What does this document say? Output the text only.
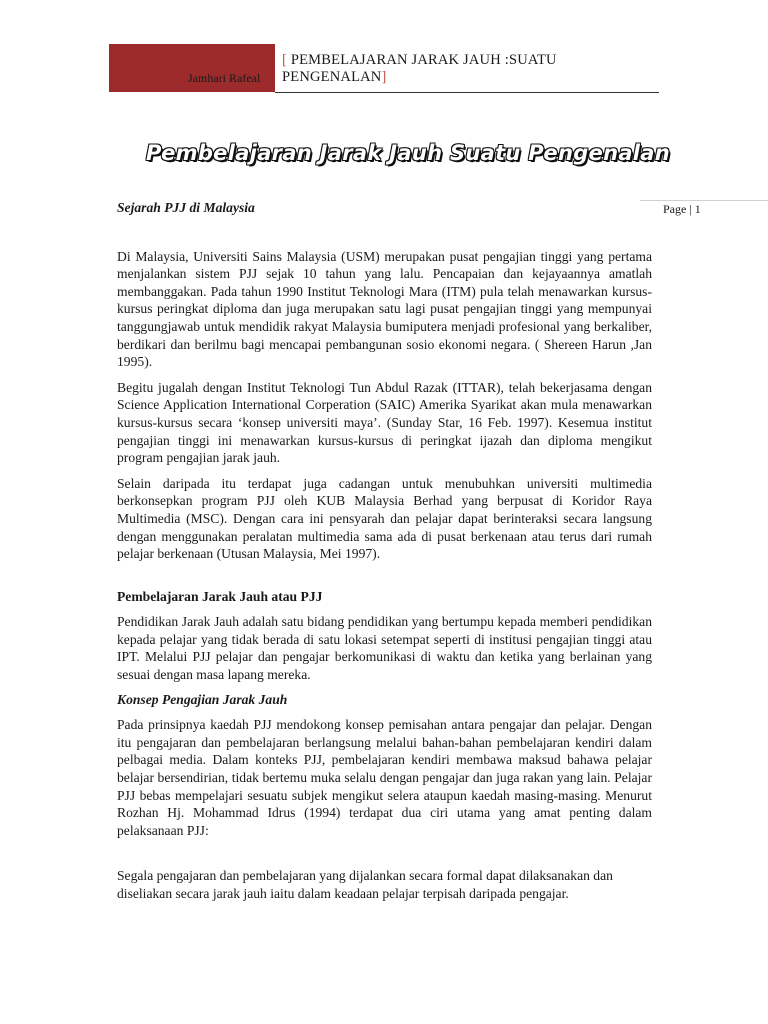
Jamhari Rafeal
[ PEMBELAJARAN JARAK JAUH :SUATU PENGENALAN]
Page | 1
Pembelajaran Jarak Jauh Suatu Pengenalan

Sejarah PJJ di Malaysia

Di Malaysia, Universiti Sains Malaysia (USM) merupakan pusat pengajian tinggi yang pertama menjalankan sistem PJJ sejak 10 tahun yang lalu. Pencapaian dan kejayaannya amatlah membanggakan. Pada tahun 1990 Institut Teknologi Mara (ITM) pula telah menawarkan kursus-kursus peringkat diploma dan juga merupakan satu lagi pusat pengajian tinggi yang mempunyai tanggungjawab untuk mendidik rakyat Malaysia bumiputera menjadi profesional yang berkaliber, berdikari dan berilmu bagi mencapai pembangunan sosio ekonomi negara. ( Shereen Harun ,Jan 1995).

Begitu jugalah dengan Institut Teknologi Tun Abdul Razak (ITTAR), telah bekerjasama dengan Science Application International Corperation (SAIC) Amerika Syarikat akan mula menawarkan kursus-kursus secara ‘konsep universiti maya’. (Sunday Star, 16 Feb. 1997). Kesemua institut pengajian tinggi ini menawarkan kursus-kursus di peringkat ijazah dan diploma mengikut program pengajian jarak jauh.

Selain daripada itu terdapat juga cadangan untuk menubuhkan universiti multimedia berkonsepkan program PJJ oleh KUB Malaysia Berhad yang berpusat di Koridor Raya Multimedia (MSC). Dengan cara ini pensyarah dan pelajar dapat berinteraksi secara langsung dengan menggunakan peralatan multimedia sama ada di pusat berkenaan atau terus dari rumah pelajar berkenaan (Utusan Malaysia, Mei 1997).

Pembelajaran Jarak Jauh atau PJJ

Pendidikan Jarak Jauh adalah satu bidang pendidikan yang bertumpu kepada memberi pendidikan kepada pelajar yang tidak berada di satu lokasi setempat seperti di institusi pengajian tinggi atau IPT. Melalui PJJ pelajar dan pengajar berkomunikasi di waktu dan ketika yang berlainan yang sesuai dengan masa lapang mereka.

Konsep Pengajian Jarak Jauh

Pada prinsipnya kaedah PJJ mendokong konsep pemisahan antara pengajar dan pelajar. Dengan itu pengajaran dan pembelajaran berlangsung melalui bahan-bahan pembelajaran kendiri dalam pelbagai media. Dalam konteks PJJ, pembelajaran kendiri membawa maksud bahawa pelajar belajar bersendirian, tidak bertemu muka selalu dengan pengajar dan juga rakan yang lain. Pelajar PJJ bebas mempelajari sesuatu subjek mengikut selera ataupun kaedah masing-masing. Menurut Rozhan Hj. Mohammad Idrus (1994) terdapat dua ciri utama yang amat penting dalam pelaksanaan PJJ:

Segala pengajaran dan pembelajaran yang dijalankan secara formal dapat dilaksanakan dan diseliakan secara jarak jauh iaitu dalam keadaan pelajar terpisah daripada pengajar.
